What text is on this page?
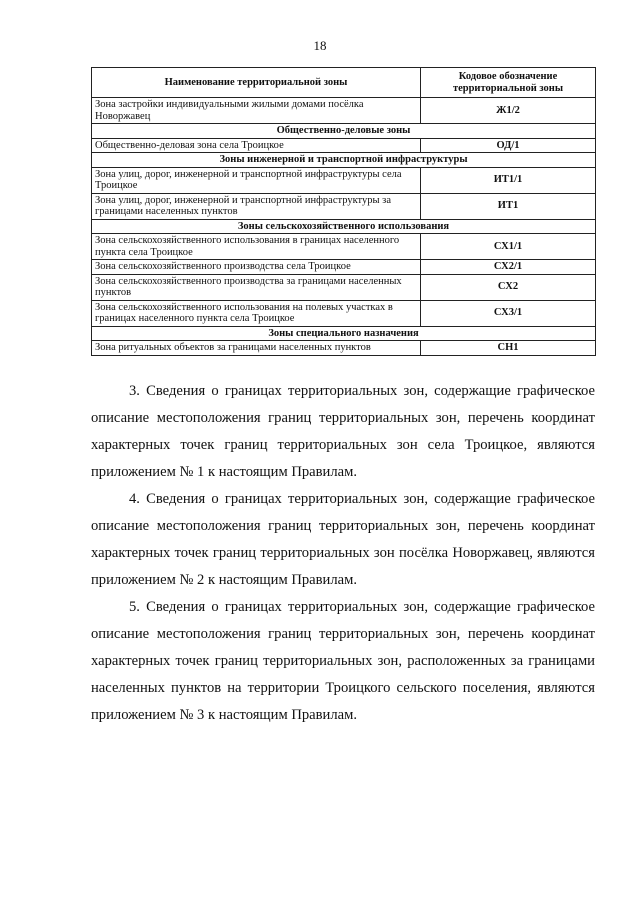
18
Наименование территориальной зоны	Кодовое обозначение территориальной зоны
Зона застройки индивидуальными жилыми домами посёлка Новоржавец	Ж1/2
Общественно-деловые зоны	
Общественно-деловая зона села Троицкое	ОД/1
Зоны инженерной и транспортной инфраструктуры	
Зона улиц, дорог, инженерной и транспортной инфраструктуры села Троицкое	ИТ1/1
Зона улиц, дорог, инженерной и транспортной инфраструктуры за границами населенных пунктов	ИТ1
Зоны сельскохозяйственного использования	
Зона сельскохозяйственного использования в границах населенного пункта села Троицкое	СХ1/1
Зона сельскохозяйственного производства села Троицкое	СХ2/1
Зона сельскохозяйственного производства за границами населенных пунктов	СХ2
Зона сельскохозяйственного использования на полевых участках в границах населенного пункта села Троицкое	СХ3/1
Зоны специального назначения	
Зона ритуальных объектов за границами населенных пунктов	СН1

3. Сведения о границах территориальных зон, содержащие графическое описание местоположения границ территориальных зон, перечень координат характерных точек границ территориальных зон села Троицкое, являются приложением № 1 к настоящим Правилам.

4. Сведения о границах территориальных зон, содержащие графическое описание местоположения границ территориальных зон, перечень координат характерных точек границ территориальных зон посёлка Новоржавец, являются приложением № 2 к настоящим Правилам.

5. Сведения о границах территориальных зон, содержащие графическое описание местоположения границ территориальных зон, перечень координат характерных точек границ территориальных зон, расположенных за границами населенных пунктов на территории Троицкого сельского поселения, являются приложением № 3 к настоящим Правилам.
